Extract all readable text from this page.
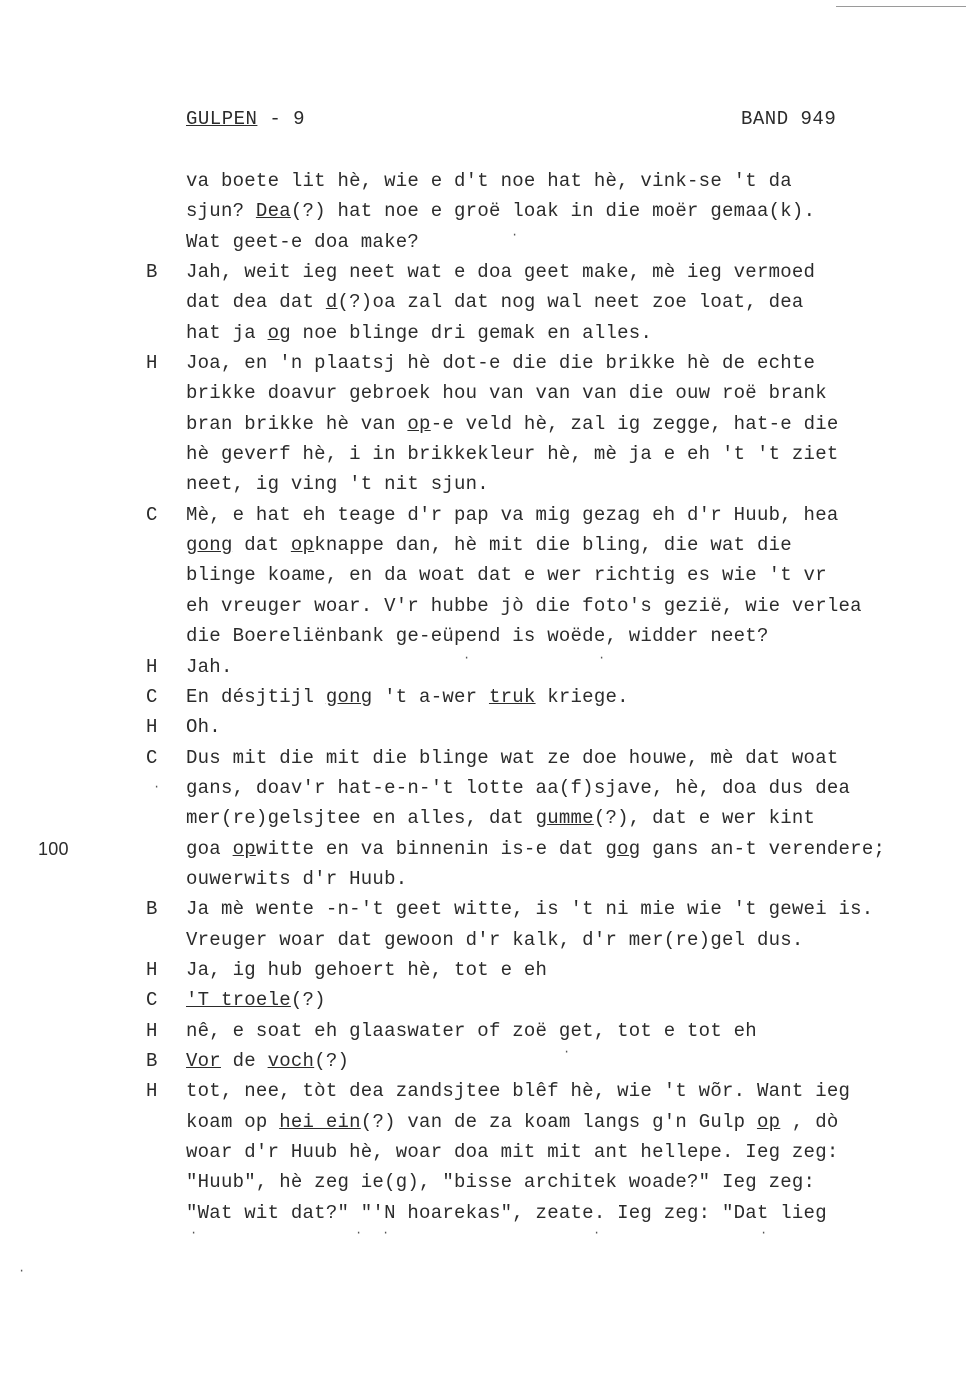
GULPEN - 9	BAND 949
va boete lit hè, wie e d't noe hat hè, vink-se 't da
sjun? Dea(?) hat noe e groë loak in die moër gemaa(k).
Wat geet-e doa make?
B Jah, weit ieg neet wat e doa geet make, mè ieg vermoed
dat dea dat d(?)oa zal dat nog wal neet zoe loat, dea
hat ja og noe blinge dri gemak en alles.
H Joa, en 'n plaatsj hè dot-e die die brikke hè de echte
brikke doavur gebroek hou van van van die ouw roë brank
bran brikke hè van op-e veld hè, zal ig zegge, hat-e die
hè geverf hè, i in brikkekleur hè, mè ja e eh 't 't ziet
neet, ig ving 't nit sjun.
C Mè, e hat eh teage d'r pap va mig gezag eh d'r Huub, hea
gong dat opknappe dan, hè mit die bling, die wat die
blinge koame, en da woat dat e wer richtig es wie 't vr
eh vreuger woar. V'r hubbe jò die foto's gezië, wie verlea
die Boereliënbank ge-eüpend is woëde, widder neet?
H Jah.
C En désjtijl gong 't a-wer truk kriege.
H Oh.
C Dus mit die mit die blinge wat ze doe houwe, mè dat woat
gans, doav'r hat-e-n-'t lotte aa(f)sjave, hè, doa dus dea
mer(re)gelsjtee en alles, dat gumme(?), dat e wer kint
100	goa opwitte en va binnenin is-e dat gog gans an-t verendere;
ouwerwits d'r Huub.
B Ja mè wente -n-'t geet witte, is 't ni mie wie 't gewei is.
Vreuger woar dat gewoon d'r kalk, d'r mer(re)gel dus.
H Ja, ig hub gehoert hè, tot e eh
C 'T troele(?)
H nê, e soat eh glaaswater of zoë get, tot e tot eh
B Vor de voch(?)
H tot, nee, tòt dea zandsjtee blêf hè, wie 't wõr. Want ieg
koam op hei ein(?) van de za koam langs g'n Gulp op , dò
woar d'r Huub hè, woar doa mit mit ant hellepe. Ieg zeg:
"Huub", hè zeg ie(g), "bisse architek woade?" Ieg zeg:
"Wat wit dat?" "'N hoarekas", zeate. Ieg zeg: "Dat lieg
·
·	·
·
·
·	· ·	·	·
·
